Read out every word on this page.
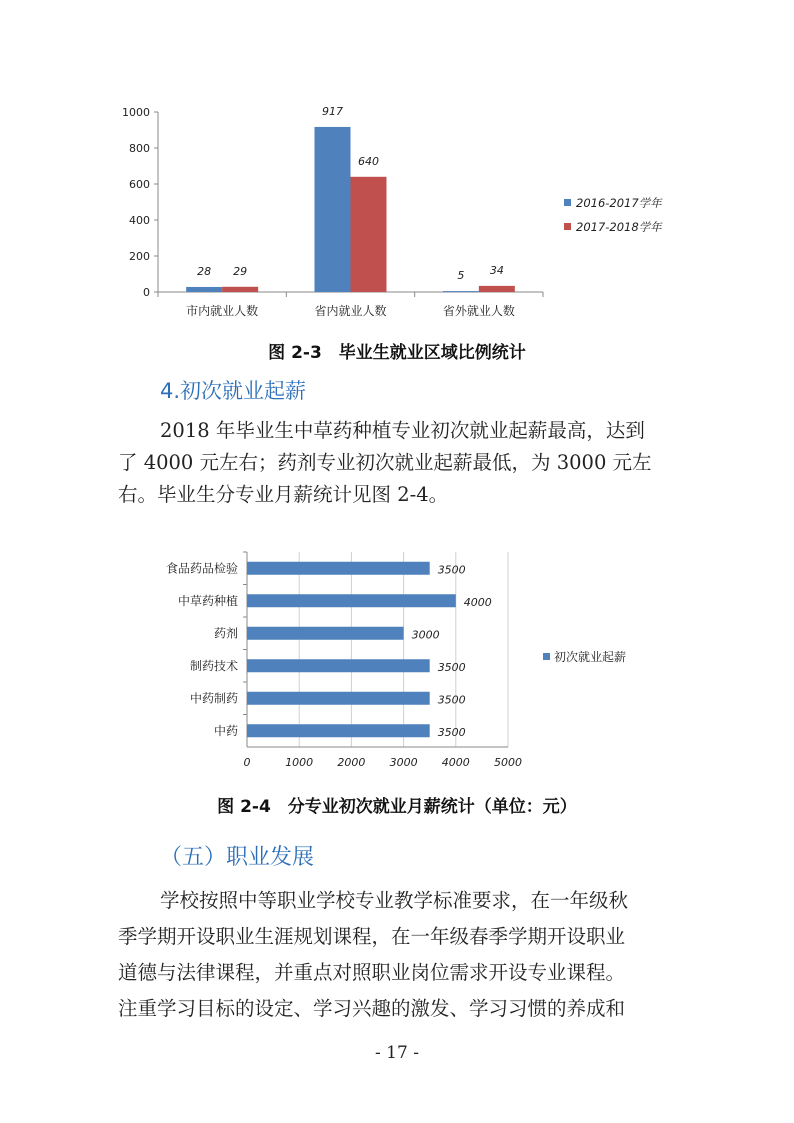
0
200
400
600
800
1000
市内就业人数
28 29
省内就业人数
917
640
省外就业人数
5 34
2016-2017学年
2017-2018学年
图 2-3　毕业生就业区域比例统计
4.初次就业起薪

2018 年毕业生中草药种植专业初次就业起薪最高，达到

了 4000 元左右；药剂专业初次就业起薪最低，为 3000 元左

右。毕业生分专业月薪统计见图 2-4。

0	1000 2000 3000 4000 5000
食品药品检验	3500
中草药种植	4000
药剂	3000
制药技术	3500
中药制药	3500
中药	3500
初次就业起薪
图 2-4　分专业初次就业月薪统计（单位：元）
（五）职业发展

学校按照中等职业学校专业教学标准要求，在一年级秋

季学期开设职业生涯规划课程，在一年级春季学期开设职业

道德与法律课程，并重点对照职业岗位需求开设专业课程。

注重学习目标的设定、学习兴趣的激发、学习习惯的养成和

- 17 -
